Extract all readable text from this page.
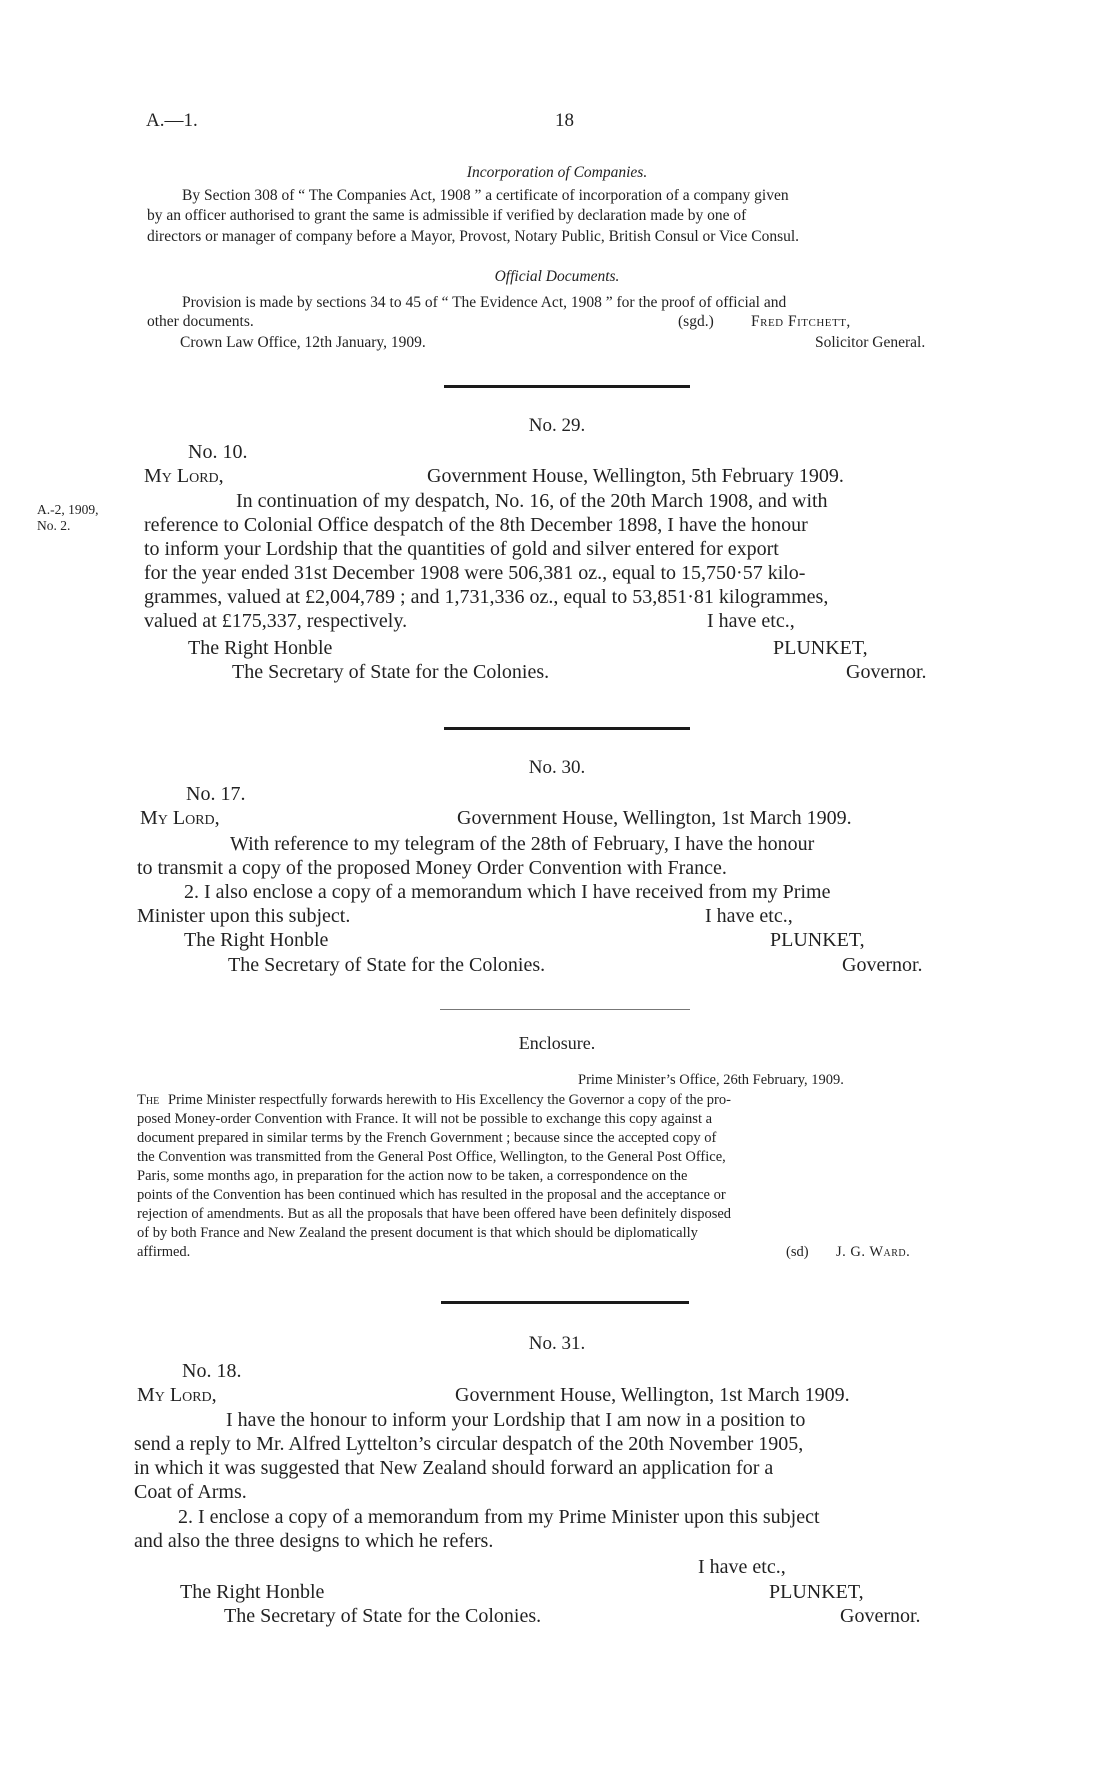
A.—1.	18
Incorporation of Companies.
By Section 308 of “ The Companies Act, 1908 ” a certificate of incorporation of a company given
by an officer authorised to grant the same is admissible if verified by declaration made by one of
directors or manager of company before a Mayor, Provost, Notary Public, British Consul or Vice Consul.
Official Documents.
Provision is made by sections 34 to 45 of “ The Evidence Act, 1908 ” for the proof of official and
other documents.	(sgd.) Fred Fitchett,
Crown Law Office, 12th January, 1909.	Solicitor General.
No. 29.
No. 10.
My Lord,	Government House, Wellington, 5th February 1909.
A.-2, 1909,
No. 2.
In continuation of my despatch, No. 16, of the 20th March 1908, and with
reference to Colonial Office despatch of the 8th December 1898, I have the honour
to inform your Lordship that the quantities of gold and silver entered for export
for the year ended 31st December 1908 were 506,381 oz., equal to 15,750·57 kilo-
grammes, valued at £2,004,789 ; and 1,731,336 oz., equal to 53,851·81 kilogrammes,
valued at £175,337, respectively.	I have etc.,
The Right Honble
The Secretary of State for the Colonies.
PLUNKET,
Governor.
No. 30.
No. 17.
My Lord,	Government House, Wellington, 1st March 1909.
With reference to my telegram of the 28th of February, I have the honour
to transmit a copy of the proposed Money Order Convention with France.
2. I also enclose a copy of a memorandum which I have received from my Prime
Minister upon this subject.	I have etc.,
The Right Honble
The Secretary of State for the Colonies.
PLUNKET,
Governor.
Enclosure.
Prime Minister’s Office, 26th February, 1909.
The Prime Minister respectfully forwards herewith to His Excellency the Governor a copy of the pro-
posed Money-order Convention with France. It will not be possible to exchange this copy against a
document prepared in similar terms by the French Government ; because since the accepted copy of
the Convention was transmitted from the General Post Office, Wellington, to the General Post Office,
Paris, some months ago, in preparation for the action now to be taken, a correspondence on the
points of the Convention has been continued which has resulted in the proposal and the acceptance or
rejection of amendments. But as all the proposals that have been offered have been definitely disposed
of by both France and New Zealand the present document is that which should be diplomatically
affirmed.	(sd) J. G. Ward.
No. 31.
No. 18.
My Lord,	Government House, Wellington, 1st March 1909.
I have the honour to inform your Lordship that I am now in a position to
send a reply to Mr. Alfred Lyttelton’s circular despatch of the 20th November 1905,
in which it was suggested that New Zealand should forward an application for a
Coat of Arms.
2. I enclose a copy of a memorandum from my Prime Minister upon this subject
and also the three designs to which he refers.
I have etc.,
The Right Honble
The Secretary of State for the Colonies.
PLUNKET,
Governor.
